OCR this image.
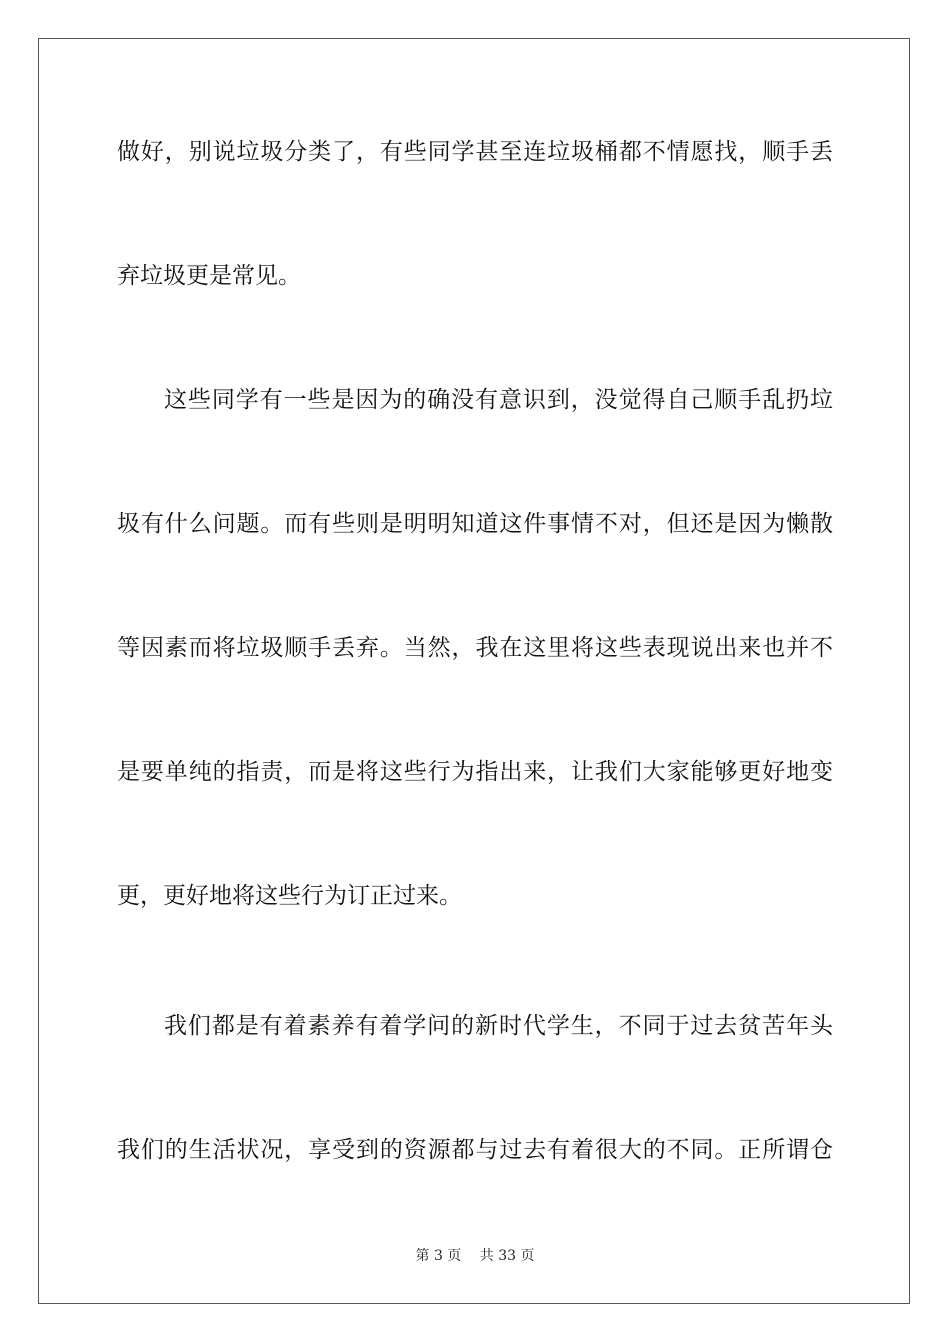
做好，别说垃圾分类了，有些同学甚至连垃圾桶都不情愿找，顺手丢
弃垃圾更是常见。
这些同学有一些是因为的确没有意识到，没觉得自己顺手乱扔垃
圾有什么问题。而有些则是明明知道这件事情不对，但还是因为懒散
等因素而将垃圾顺手丢弃。当然，我在这里将这些表现说出来也并不
是要单纯的指责，而是将这些行为指出来，让我们大家能够更好地变
更，更好地将这些行为订正过来。
我们都是有着素养有着学问的新时代学生，不同于过去贫苦年头
我们的生活状况，享受到的资源都与过去有着很大的不同。正所谓仓
第 3 页 共 33 页
